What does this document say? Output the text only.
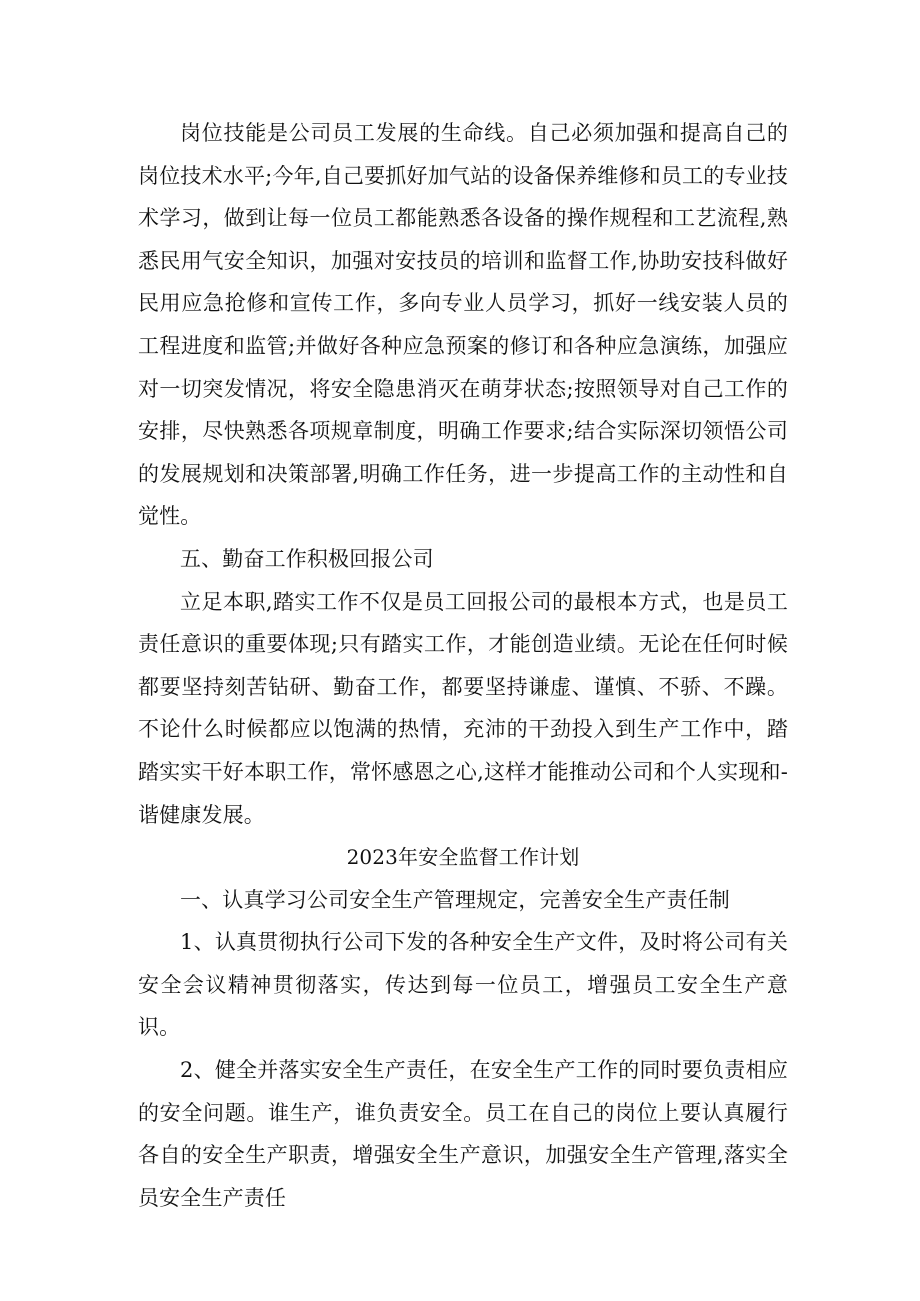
岗位技能是公司员工发展的生命线。自己必须加强和提高自己的岗位技术水平;今年,自己要抓好加气站的设备保养维修和员工的专业技术学习，做到让每一位员工都能熟悉各设备的操作规程和工艺流程,熟悉民用气安全知识，加强对安技员的培训和监督工作,协助安技科做好民用应急抢修和宣传工作，多向专业人员学习，抓好一线安装人员的工程进度和监管;并做好各种应急预案的修订和各种应急演练，加强应对一切突发情况，将安全隐患消灭在萌芽状态;按照领导对自己工作的安排，尽快熟悉各项规章制度，明确工作要求;结合实际深切领悟公司的发展规划和决策部署,明确工作任务，进一步提高工作的主动性和自觉性。

五、勤奋工作积极回报公司

立足本职,踏实工作不仅是员工回报公司的最根本方式，也是员工责任意识的重要体现;只有踏实工作，才能创造业绩。无论在任何时候都要坚持刻苦钻研、勤奋工作，都要坚持谦虚、谨慎、不骄、不躁。不论什么时候都应以饱满的热情，充沛的干劲投入到生产工作中，踏踏实实干好本职工作，常怀感恩之心,这样才能推动公司和个人实现和-谐健康发展。

2023年安全监督工作计划

一、认真学习公司安全生产管理规定，完善安全生产责任制

1、认真贯彻执行公司下发的各种安全生产文件，及时将公司有关安全会议精神贯彻落实，传达到每一位员工，增强员工安全生产意识。

2、健全并落实安全生产责任，在安全生产工作的同时要负责相应的安全问题。谁生产，谁负责安全。员工在自己的岗位上要认真履行各自的安全生产职责，增强安全生产意识，加强安全生产管理,落实全员安全生产责任
